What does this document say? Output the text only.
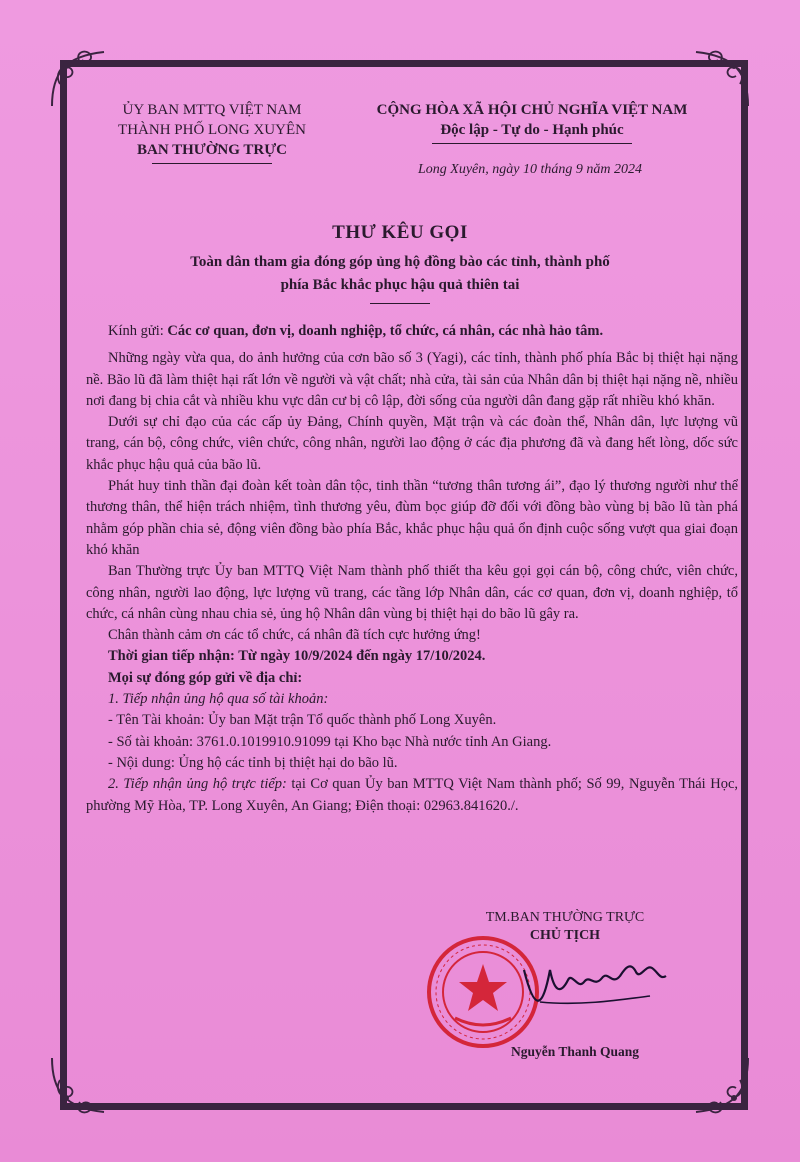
ỦY BAN MTTQ VIỆT NAM
THÀNH PHỐ LONG XUYÊN
BAN THƯỜNG TRỰC
CỘNG HÒA XÃ HỘI CHỦ NGHĨA VIỆT NAM
Độc lập - Tự do - Hạnh phúc
Long Xuyên, ngày 10 tháng 9 năm 2024
THƯ KÊU GỌI
Toàn dân tham gia đóng góp ủng hộ đồng bào các tỉnh, thành phố
phía Bắc khắc phục hậu quả thiên tai

Kính gửi: Các cơ quan, đơn vị, doanh nghiệp, tổ chức, cá nhân, các nhà hảo tâm.

Những ngày vừa qua, do ảnh hưởng của cơn bão số 3 (Yagi), các tỉnh, thành phố phía Bắc bị thiệt hại nặng nề. Bão lũ đã làm thiệt hại rất lớn về người và vật chất; nhà cửa, tài sản của Nhân dân bị thiệt hại nặng nề, nhiều nơi đang bị chia cắt và nhiều khu vực dân cư bị cô lập, đời sống của người dân đang gặp rất nhiều khó khăn.

Dưới sự chỉ đạo của các cấp ủy Đảng, Chính quyền, Mặt trận và các đoàn thể, Nhân dân, lực lượng vũ trang, cán bộ, công chức, viên chức, công nhân, người lao động ở các địa phương đã và đang hết lòng, dốc sức khắc phục hậu quả của bão lũ.

Phát huy tinh thần đại đoàn kết toàn dân tộc, tinh thần “tương thân tương ái”, đạo lý thương người như thể thương thân, thể hiện trách nhiệm, tình thương yêu, đùm bọc giúp đỡ đối với đồng bào vùng bị bão lũ tàn phá nhằm góp phần chia sẻ, động viên đồng bào phía Bắc, khắc phục hậu quả ổn định cuộc sống vượt qua giai đoạn khó khăn

Ban Thường trực Ủy ban MTTQ Việt Nam thành phố thiết tha kêu gọi gọi cán bộ, công chức, viên chức, công nhân, người lao động, lực lượng vũ trang, các tầng lớp Nhân dân, các cơ quan, đơn vị, doanh nghiệp, tổ chức, cá nhân cùng nhau chia sẻ, ủng hộ Nhân dân vùng bị thiệt hại do bão lũ gây ra.

Chân thành cảm ơn các tổ chức, cá nhân đã tích cực hưởng ứng!

Thời gian tiếp nhận: Từ ngày 10/9/2024 đến ngày 17/10/2024.

Mọi sự đóng góp gửi về địa chỉ:

1. Tiếp nhận ủng hộ qua số tài khoản:

- Tên Tài khoản: Ủy ban Mặt trận Tổ quốc thành phố Long Xuyên.

- Số tài khoản: 3761.0.1019910.91099 tại Kho bạc Nhà nước tỉnh An Giang.

- Nội dung: Ủng hộ các tỉnh bị thiệt hại do bão lũ.

2. Tiếp nhận ủng hộ trực tiếp: tại Cơ quan Ủy ban MTTQ Việt Nam thành phố; Số 99, Nguyễn Thái Học, phường Mỹ Hòa, TP. Long Xuyên, An Giang; Điện thoại: 02963.841620./.

TM.BAN THƯỜNG TRỰC
CHỦ TỊCH
Nguyễn Thanh Quang
